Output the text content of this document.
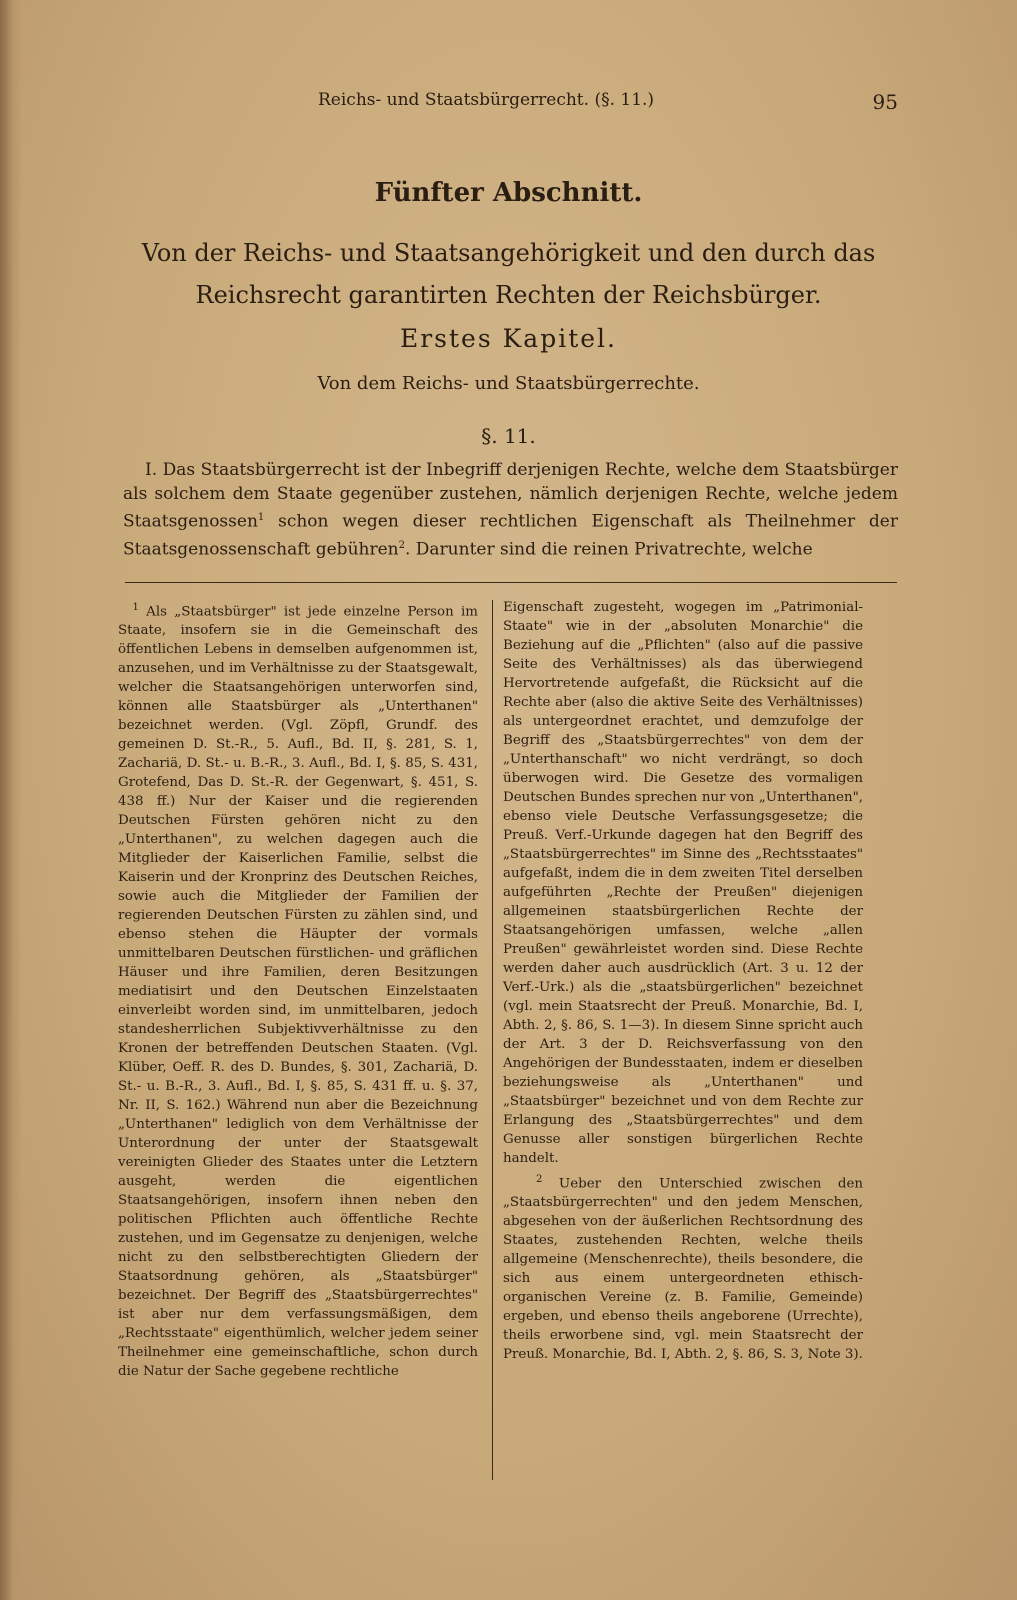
Reichs- und Staatsbürgerrecht. (§. 11.)	95
Fünfter Abschnitt.
Von der Reichs- und Staatsangehörigkeit und den durch das
Reichsrecht garantirten Rechten der Reichsbürger.
Erstes Kapitel.
Von dem Reichs- und Staatsbürgerrechte.
§. 11.

I. Das Staatsbürgerrecht ist der Inbegriff derjenigen Rechte, welche dem Staatsbürger als solchem dem Staate gegenüber zustehen, nämlich derjenigen Rechte, welche jedem Staatsgenossen$^1$ schon wegen dieser rechtlichen Eigenschaft als Theilnehmer der Staatsgenossenschaft gebühren$^2$. Darunter sind die reinen Privatrechte, welche

$^1$ Als „Staatsbürger" ist jede einzelne Person im Staate, insofern sie in die Gemeinschaft des öffentlichen Lebens in demselben aufgenommen ist, anzusehen, und im Verhältnisse zu der Staatsgewalt, welcher die Staatsangehörigen unterworfen sind, können alle Staatsbürger als „Unterthanen" bezeichnet werden. (Vgl. Zöpfl, Grundf. des gemeinen D. St.-R., 5. Aufl., Bd. II, §. 281, S. 1, Zachariä, D. St.- u. B.-R., 3. Aufl., Bd. I, §. 85, S. 431, Grotefend, Das D. St.-R. der Gegenwart, §. 451, S. 438 ff.) Nur der Kaiser und die regierenden Deutschen Fürsten gehören nicht zu den „Unterthanen", zu welchen dagegen auch die Mitglieder der Kaiserlichen Familie, selbst die Kaiserin und der Kronprinz des Deutschen Reiches, sowie auch die Mitglieder der Familien der regierenden Deutschen Fürsten zu zählen sind, und ebenso stehen die Häupter der vormals unmittelbaren Deutschen fürstlichen- und gräflichen Häuser und ihre Familien, deren Besitzungen mediatisirt und den Deutschen Einzelstaaten einverleibt worden sind, im unmittelbaren, jedoch standesherrlichen Subjektivverhältnisse zu den Kronen der betreffenden Deutschen Staaten. (Vgl. Klüber, Oeff. R. des D. Bundes, §. 301, Zachariä, D. St.- u. B.-R., 3. Aufl., Bd. I, §. 85, S. 431 ff. u. §. 37, Nr. II, S. 162.) Während nun aber die Bezeichnung „Unterthanen" lediglich von dem Verhältnisse der Unterordnung der unter der Staatsgewalt vereinigten Glieder des Staates unter die Letztern ausgeht, werden die eigentlichen Staatsangehörigen, insofern ihnen neben den politischen Pflichten auch öffentliche Rechte zustehen, und im Gegensatze zu denjenigen, welche nicht zu den selbstberechtigten Gliedern der Staatsordnung gehören, als „Staatsbürger" bezeichnet. Der Begriff des „Staatsbürgerrechtes" ist aber nur dem verfassungsmäßigen, dem „Rechtsstaate" eigenthümlich, welcher jedem seiner Theilnehmer eine gemeinschaftliche, schon durch die Natur der Sache gegebene rechtliche

Eigenschaft zugesteht, wogegen im „Patrimonial-Staate" wie in der „absoluten Monarchie" die Beziehung auf die „Pflichten" (also auf die passive Seite des Verhältnisses) als das überwiegend Hervortretende aufgefaßt, die Rücksicht auf die Rechte aber (also die aktive Seite des Verhältnisses) als untergeordnet erachtet, und demzufolge der Begriff des „Staatsbürgerrechtes" von dem der „Unterthanschaft" wo nicht verdrängt, so doch überwogen wird. Die Gesetze des vormaligen Deutschen Bundes sprechen nur von „Unterthanen", ebenso viele Deutsche Verfassungsgesetze; die Preuß. Verf.-Urkunde dagegen hat den Begriff des „Staatsbürgerrechtes" im Sinne des „Rechtsstaates" aufgefaßt, indem die in dem zweiten Titel derselben aufgeführten „Rechte der Preußen" diejenigen allgemeinen staatsbürgerlichen Rechte der Staatsangehörigen umfassen, welche „allen Preußen" gewährleistet worden sind. Diese Rechte werden daher auch ausdrücklich (Art. 3 u. 12 der Verf.-Urk.) als die „staatsbürgerlichen" bezeichnet (vgl. mein Staatsrecht der Preuß. Monarchie, Bd. I, Abth. 2, §. 86, S. 1—3). In diesem Sinne spricht auch der Art. 3 der D. Reichsverfassung von den Angehörigen der Bundesstaaten, indem er dieselben beziehungsweise als „Unterthanen" und „Staatsbürger" bezeichnet und von dem Rechte zur Erlangung des „Staatsbürgerrechtes" und dem Genusse aller sonstigen bürgerlichen Rechte handelt.

$^2$ Ueber den Unterschied zwischen den „Staatsbürgerrechten" und den jedem Menschen, abgesehen von der äußerlichen Rechtsordnung des Staates, zustehenden Rechten, welche theils allgemeine (Menschenrechte), theils besondere, die sich aus einem untergeordneten ethisch-organischen Vereine (z. B. Familie, Gemeinde) ergeben, und ebenso theils angeborene (Urrechte), theils erworbene sind, vgl. mein Staatsrecht der Preuß. Monarchie, Bd. I, Abth. 2, §. 86, S. 3, Note 3).
